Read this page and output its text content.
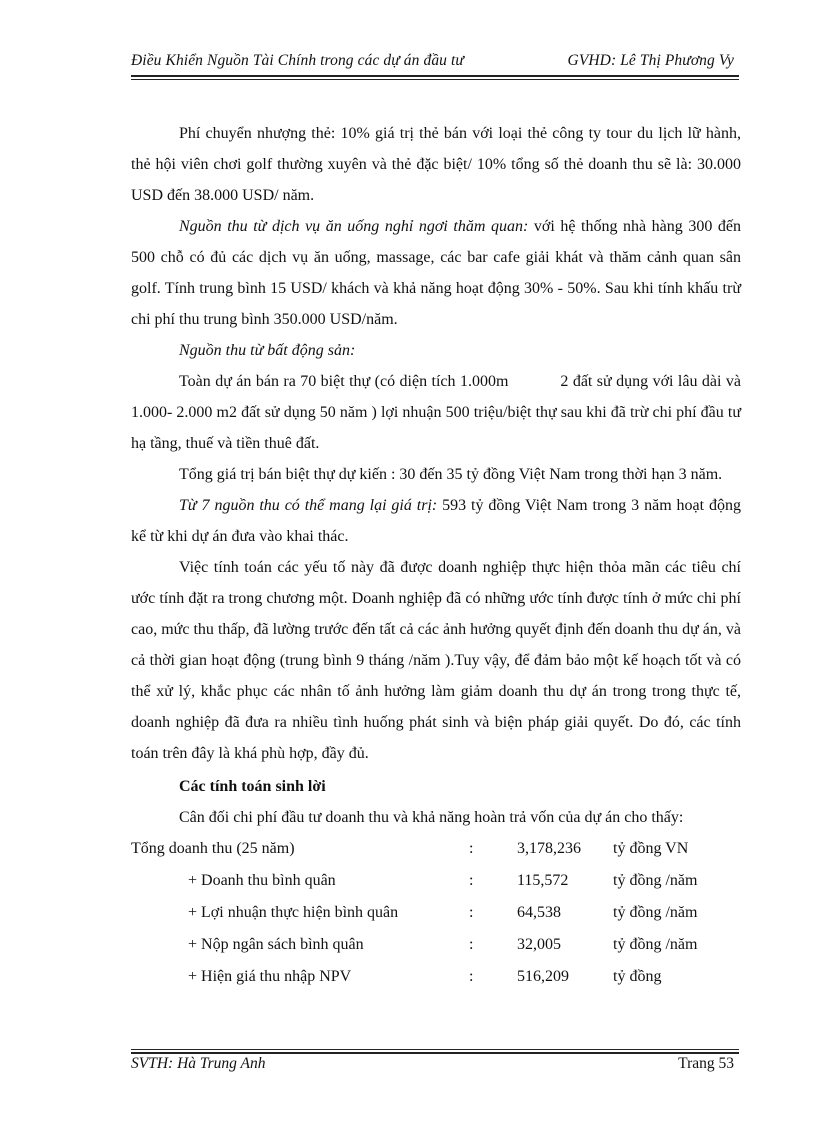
Điều Khiển Nguồn Tài Chính trong các dự án đầu tư	GVHD: Lê Thị Phương Vy

Phí chuyển nhượng thẻ: 10% giá trị thẻ bán với loại thẻ công ty tour du lịch lữ hành, thẻ hội viên chơi golf thường xuyên và thẻ đặc biệt/ 10% tổng số thẻ doanh thu sẽ là: 30.000 USD đến 38.000 USD/ năm.

Nguồn thu từ dịch vụ ăn uống nghỉ ngơi thăm quan: với hệ thống nhà hàng 300 đến 500 chỗ có đủ các dịch vụ ăn uống, massage, các bar cafe giải khát và thăm cảnh quan sân golf. Tính trung bình 15 USD/ khách và khả năng hoạt động 30% - 50%. Sau khi tính khấu trừ chi phí thu trung bình 350.000 USD/năm.

Nguồn thu từ bất động sản:

Toàn dự án bán ra 70 biệt thự (có diện tích 1.000m	2 đất sử dụng với lâu dài và 1.000- 2.000 m2 đất sử dụng 50 năm ) lợi nhuận 500 triệu/biệt thự sau khi đã trừ chi phí đầu tư hạ tầng, thuế và tiền thuê đất.

Tổng giá trị bán biệt thự dự kiến : 30 đến 35 tỷ đồng Việt Nam trong thời hạn 3 năm.

Từ 7 nguồn thu có thể mang lại giá trị: 593 tỷ đồng Việt Nam trong 3 năm hoạt động kể từ khi dự án đưa vào khai thác.

Việc tính toán các yếu tố này đã được doanh nghiệp thực hiện thỏa mãn các tiêu chí ước tính đặt ra trong chương một. Doanh nghiệp đã có những ước tính được tính ở mức chi phí cao, mức thu thấp, đã lường trước đến tất cả các ảnh hưởng quyết định đến doanh thu dự án, và cả thời gian hoạt động (trung bình 9 tháng /năm ).Tuy vậy, để đảm bảo một kế hoạch tốt và có thể xử lý, khắc phục các nhân tố ảnh hưởng làm giảm doanh thu dự án trong trong thực tế, doanh nghiệp đã đưa ra nhiều tình huống phát sinh và biện pháp giải quyết. Do đó, các tính toán trên đây là khá phù hợp, đầy đủ.

Các tính toán sinh lời

Cân đối chi phí đầu tư doanh thu và khả năng hoàn trả vốn của dự án cho thấy:

Tổng doanh thu (25 năm)	:	3,178,236 tỷ đồng VN
+ Doanh thu bình quân	:	115,572	tỷ đồng /năm
+ Lợi nhuận thực hiện bình quân	:	64,538	tỷ đồng /năm
+ Nộp ngân sách bình quân	:	32,005	tỷ đồng /năm
+ Hiện giá thu nhập NPV	:	516,209	tỷ đồng
SVTH: Hà Trung Anh	Trang 53
